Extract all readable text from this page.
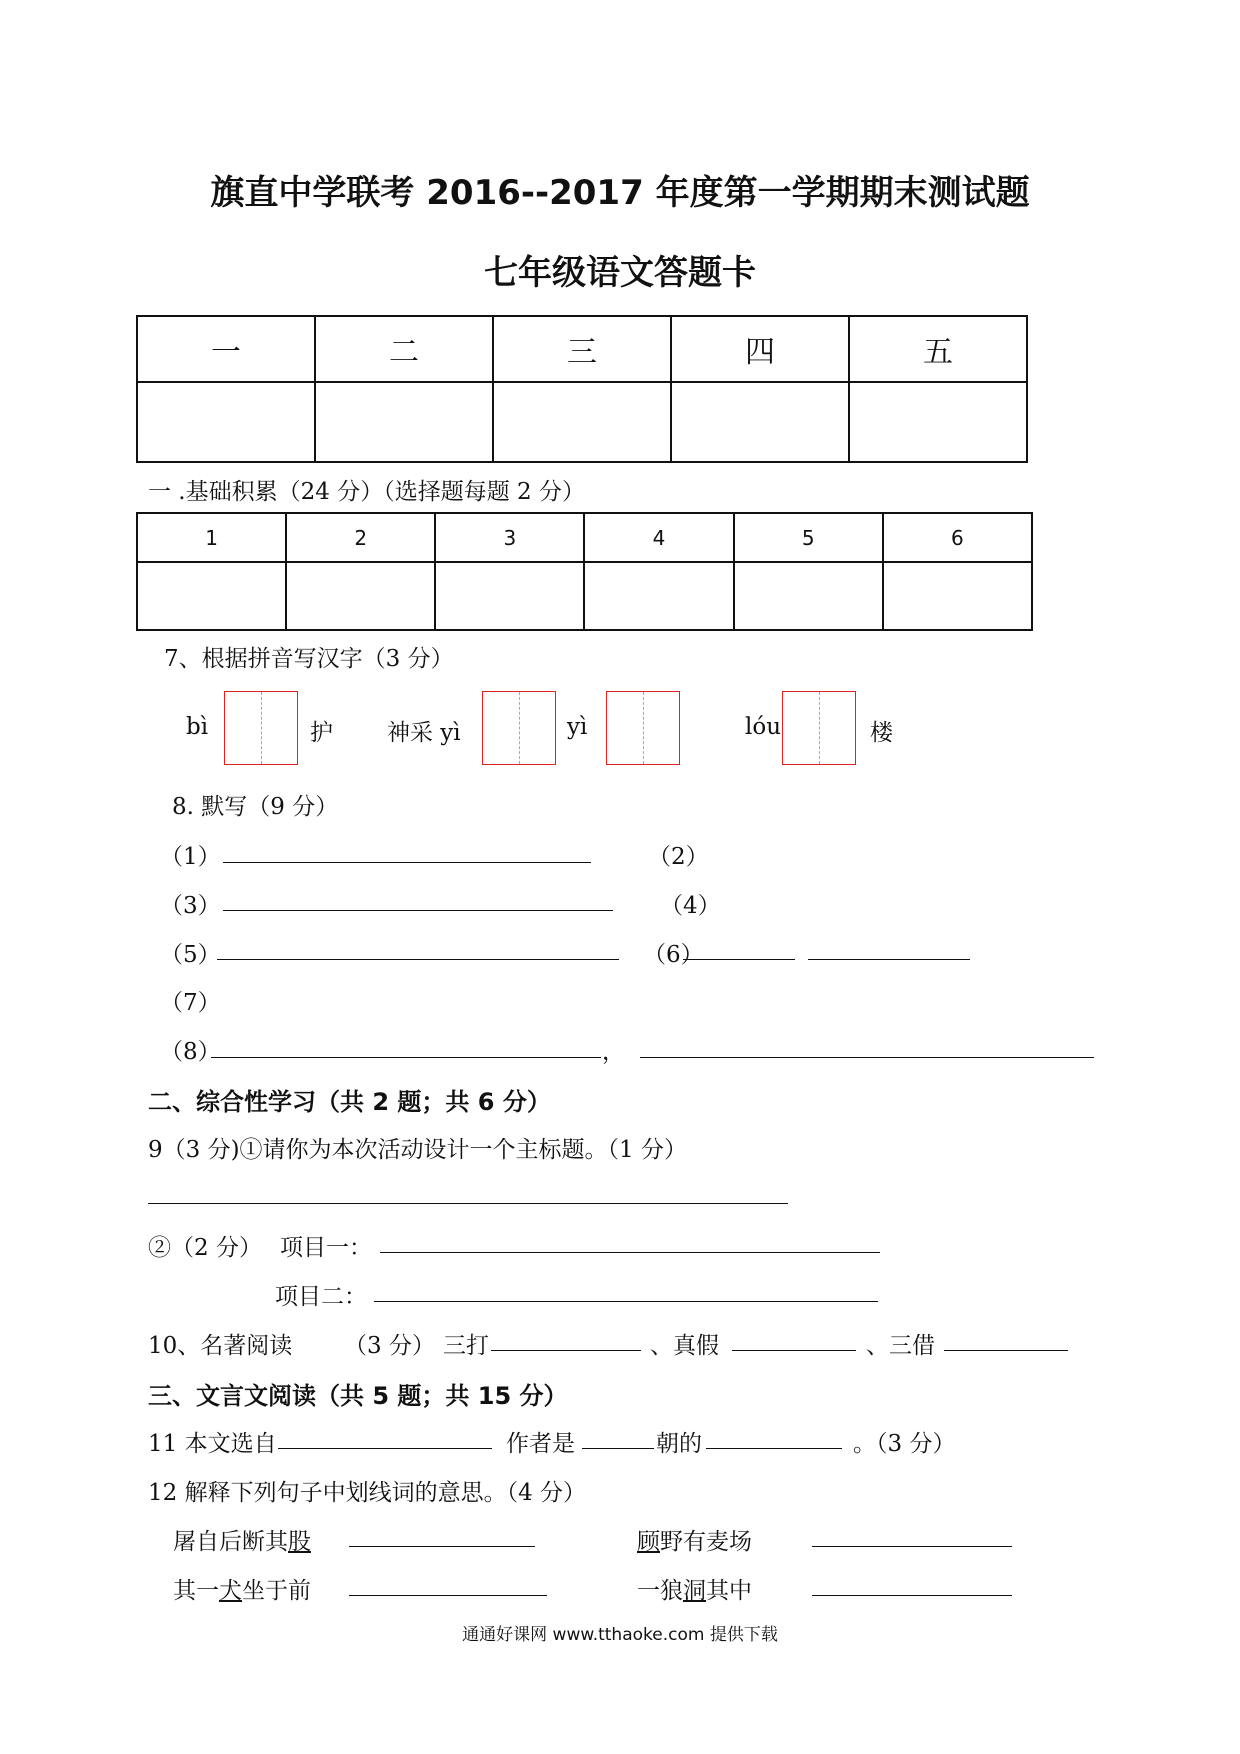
旗直中学联考 2016--2017 年度第一学期期末测试题
七年级语文答题卡
一	二	三	四	五

一 .基础积累（24 分）（选择题每题 2 分）
1	2	3	4	5	6

7、根据拼音写汉字（3 分）
bì	护 神采 yì	yì	lóu	楼
8. 默写（9 分）
（1）	（2）
（3）	（4）
（5）	（6）
（7）
（8）	，
二、综合性学习（共 2 题；共 6 分）
9（3 分)①请你为本次活动设计一个主标题。（1 分）
②（2 分） 项目一：
项目二：
10、名著阅读 （3 分） 三打	、真假	、三借
三、文言文阅读（共 5 题；共 15 分）
11 本文选自	作者是	朝的	。（3 分）
12 解释下列句子中划线词的意思。（4 分）
屠自后断其股	顾野有麦场
其一犬坐于前	一狼洞其中
通通好课网 www.tthaoke.com 提供下载
